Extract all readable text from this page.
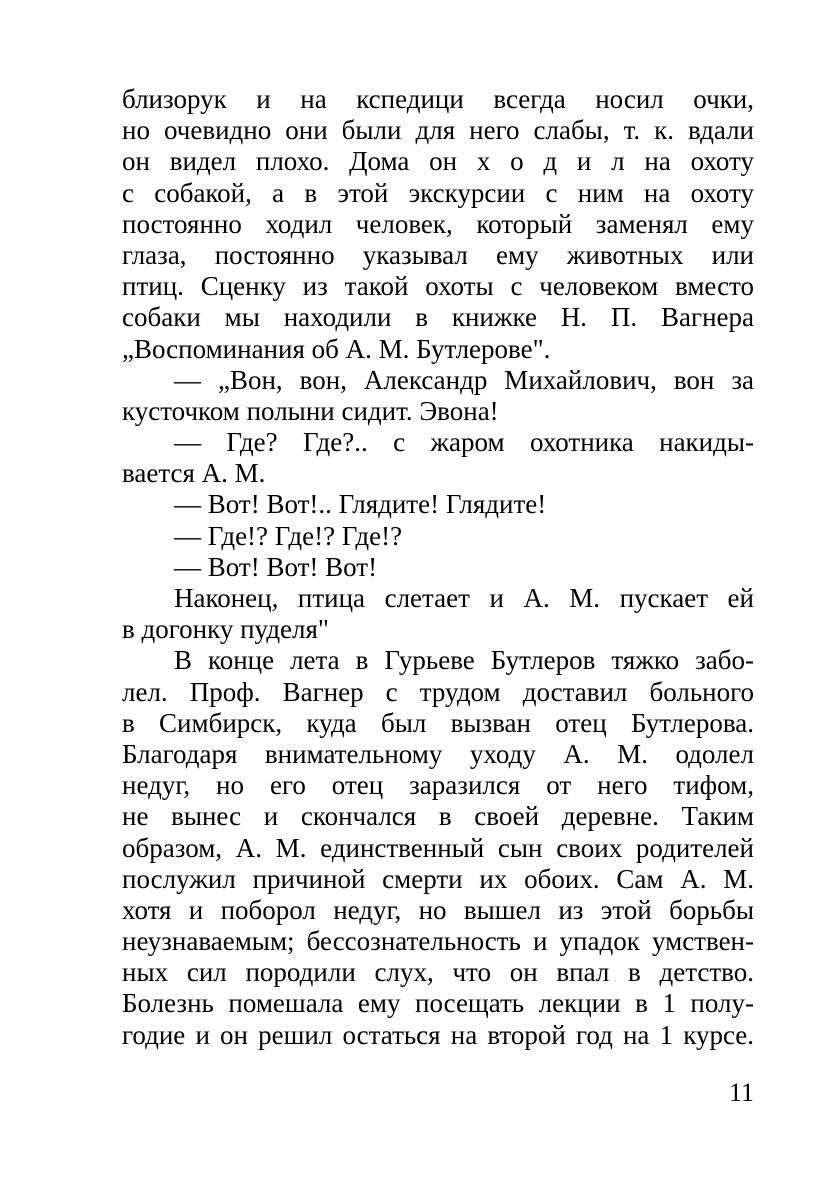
близорук и на кспедици всегда носил очки,
но очевидно они были для него слабы, т. к. вдали
он видел плохо. Дома он х о д и л на охоту
с собакой, а в этой экскурсии с ним на охоту
постоянно ходил человек, который заменял ему
глаза, постоянно указывал ему животных или
птиц. Сценку из такой охоты с человеком вместо
собаки мы находили в книжке Н. П. Вагнера
„Воспоминания об А. М. Бутлерове".
— „Вон, вон, Александр Михайлович, вон за
кусточком полыни сидит. Эвона!
— Где? Где?.. с жаром охотника накиды-
вается А. М.
— Вот! Вот!.. Глядите! Глядите!
— Где!? Где!? Где!?
— Вот! Вот! Вот!
Наконец, птица слетает и А. М. пускает ей
в догонку пуделя"
В конце лета в Гурьеве Бутлеров тяжко забо-
лел. Проф. Вагнер с трудом доставил больного
в Симбирск, куда был вызван отец Бутлерова.
Благодаря внимательному уходу А. М. одолел
недуг, но его отец заразился от него тифом,
не вынес и скончался в своей деревне. Таким
образом, А. М. единственный сын своих родителей
послужил причиной смерти их обоих. Сам А. М.
хотя и поборол недуг, но вышел из этой борьбы
неузнаваемым; бессознательность и упадок умствен-
ных сил породили слух, что он впал в детство.
Болезнь помешала ему посещать лекции в 1 полу-
годие и он решил остаться на второй год на 1 курсе.
11
